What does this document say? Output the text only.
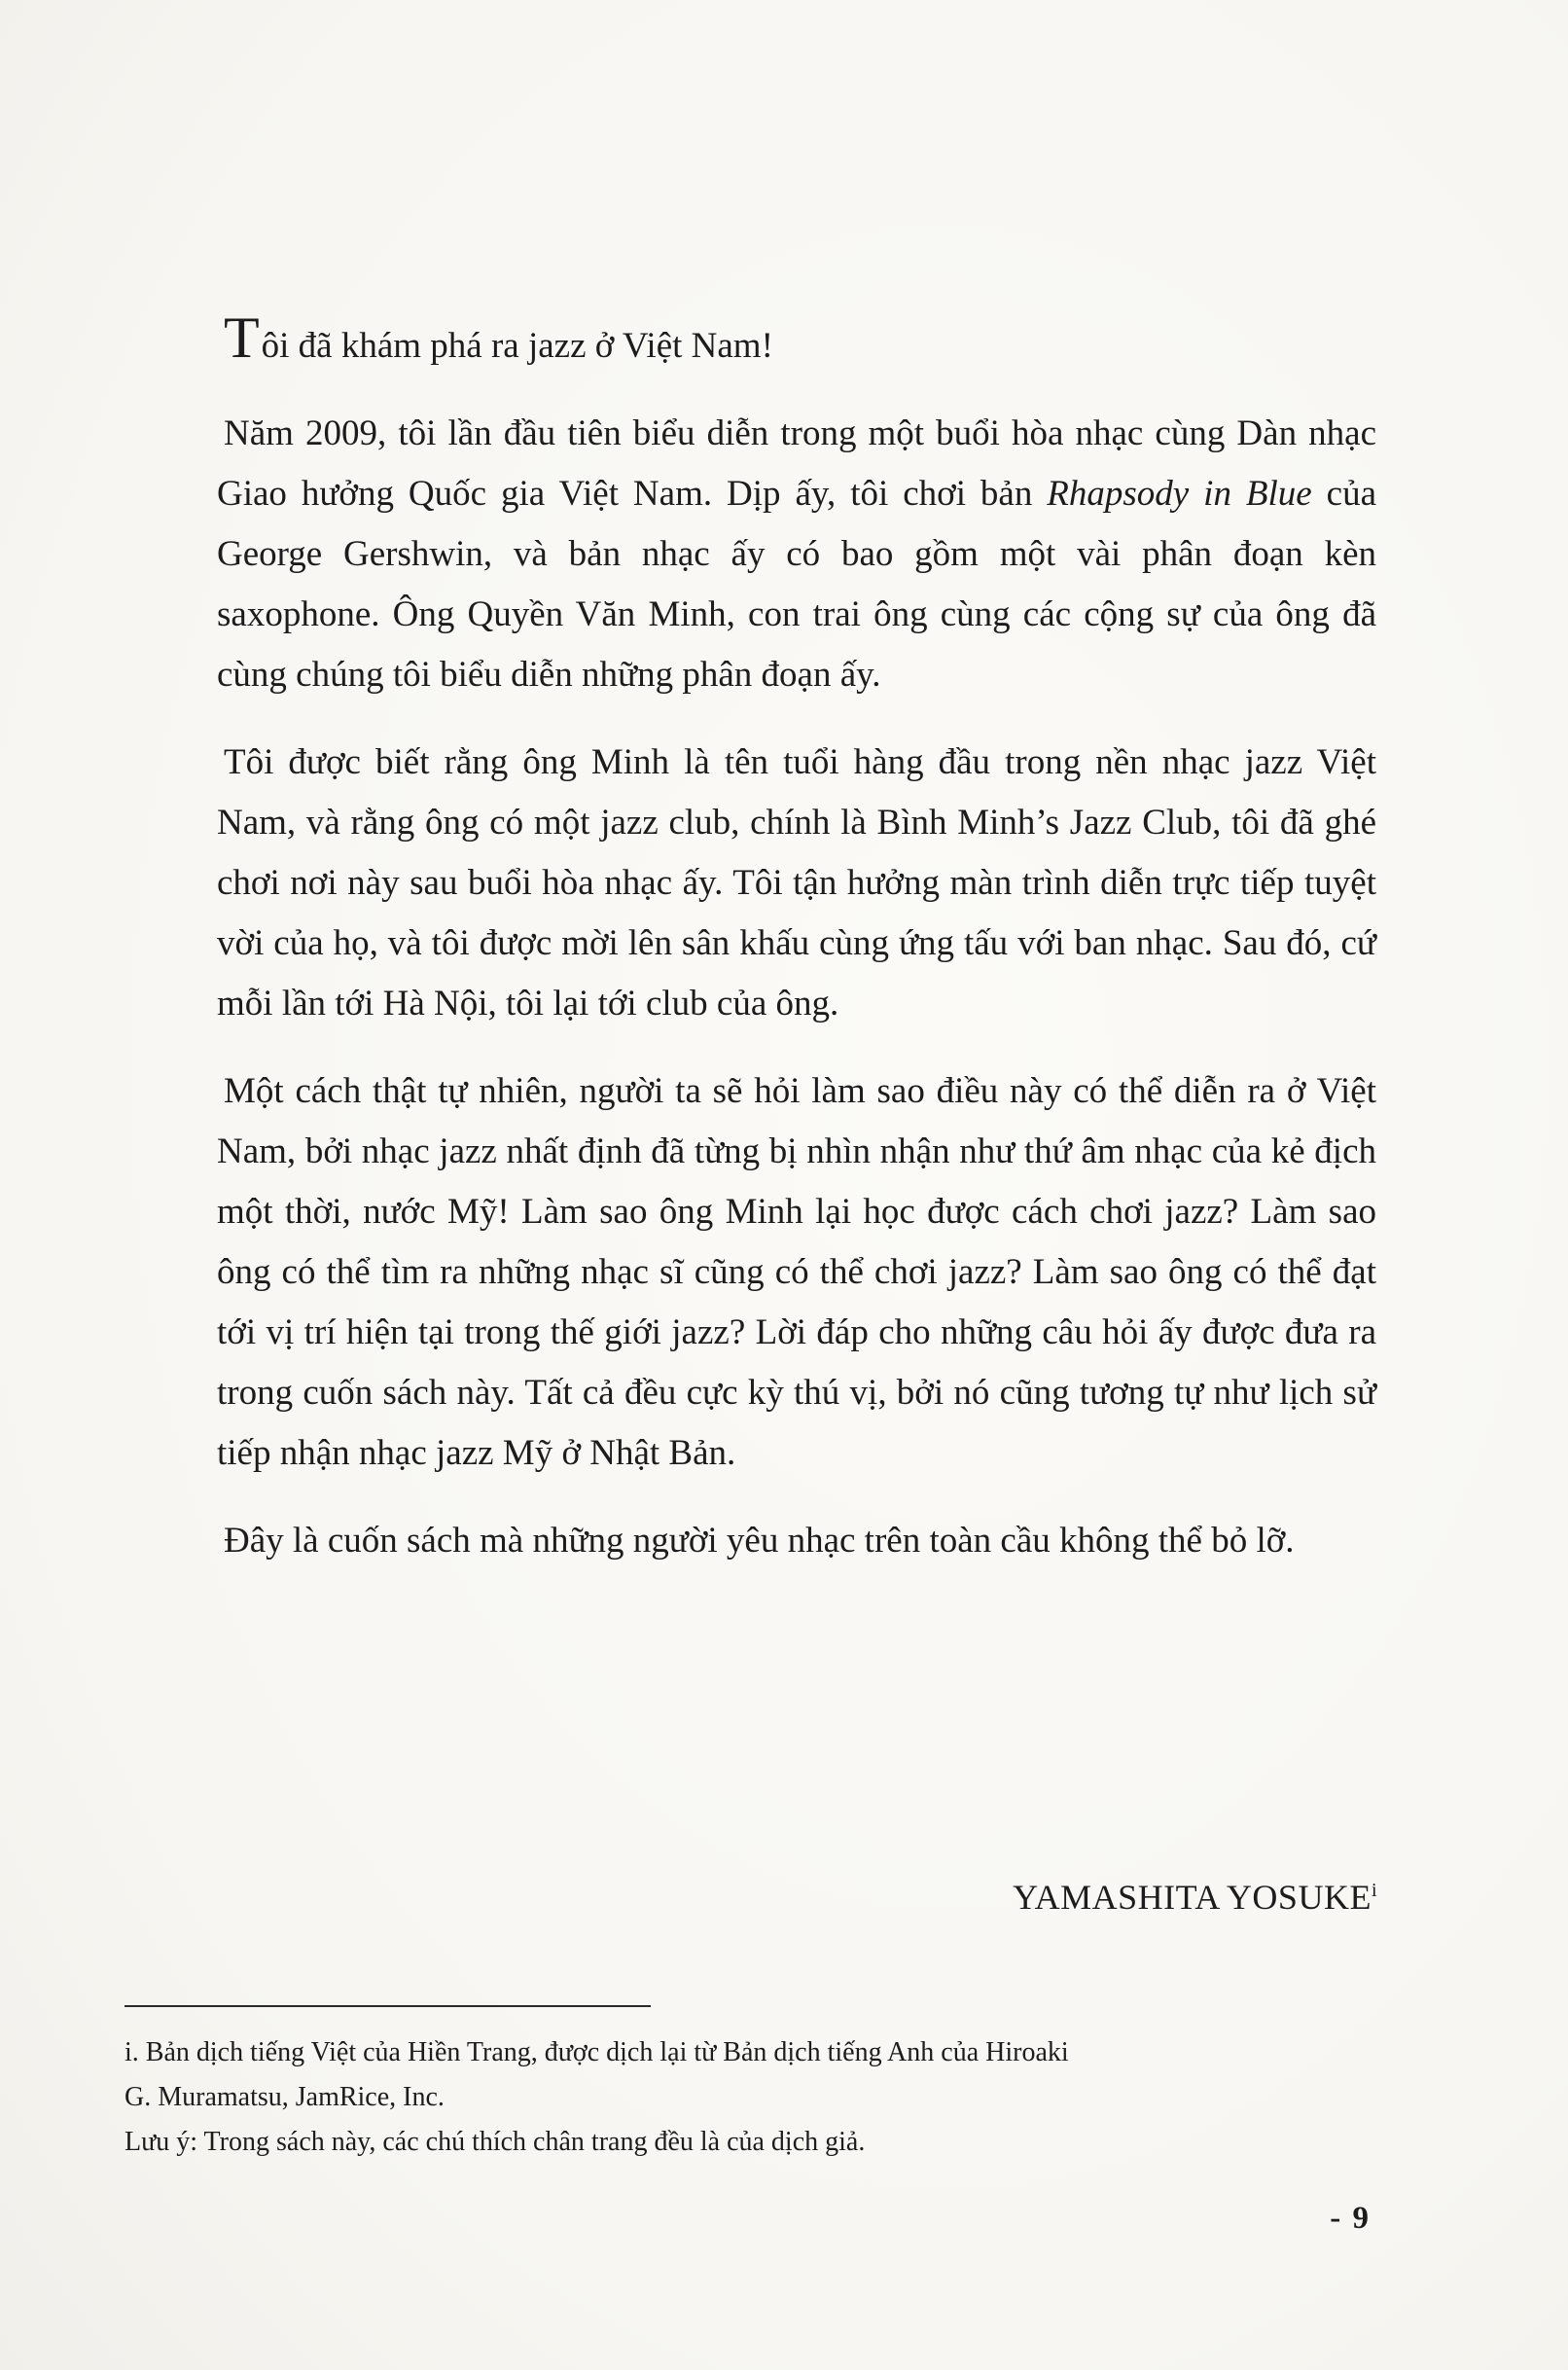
Tôi đã khám phá ra jazz ở Việt Nam!

Năm 2009, tôi lần đầu tiên biểu diễn trong một buổi hòa nhạc cùng Dàn nhạc Giao hưởng Quốc gia Việt Nam. Dịp ấy, tôi chơi bản Rhapsody in Blue của George Gershwin, và bản nhạc ấy có bao gồm một vài phân đoạn kèn saxophone. Ông Quyền Văn Minh, con trai ông cùng các cộng sự của ông đã cùng chúng tôi biểu diễn những phân đoạn ấy.

Tôi được biết rằng ông Minh là tên tuổi hàng đầu trong nền nhạc jazz Việt Nam, và rằng ông có một jazz club, chính là Bình Minh’s Jazz Club, tôi đã ghé chơi nơi này sau buổi hòa nhạc ấy. Tôi tận hưởng màn trình diễn trực tiếp tuyệt vời của họ, và tôi được mời lên sân khấu cùng ứng tấu với ban nhạc. Sau đó, cứ mỗi lần tới Hà Nội, tôi lại tới club của ông.

Một cách thật tự nhiên, người ta sẽ hỏi làm sao điều này có thể diễn ra ở Việt Nam, bởi nhạc jazz nhất định đã từng bị nhìn nhận như thứ âm nhạc của kẻ địch một thời, nước Mỹ! Làm sao ông Minh lại học được cách chơi jazz? Làm sao ông có thể tìm ra những nhạc sĩ cũng có thể chơi jazz? Làm sao ông có thể đạt tới vị trí hiện tại trong thế giới jazz? Lời đáp cho những câu hỏi ấy được đưa ra trong cuốn sách này. Tất cả đều cực kỳ thú vị, bởi nó cũng tương tự như lịch sử tiếp nhận nhạc jazz Mỹ ở Nhật Bản.

Đây là cuốn sách mà những người yêu nhạc trên toàn cầu không thể bỏ lỡ.

YAMASHITA YOSUKE$^i$

i. Bản dịch tiếng Việt của Hiền Trang, được dịch lại từ Bản dịch tiếng Anh của Hiroaki

G. Muramatsu, JamRice, Inc.

Lưu ý: Trong sách này, các chú thích chân trang đều là của dịch giả.

- 9
